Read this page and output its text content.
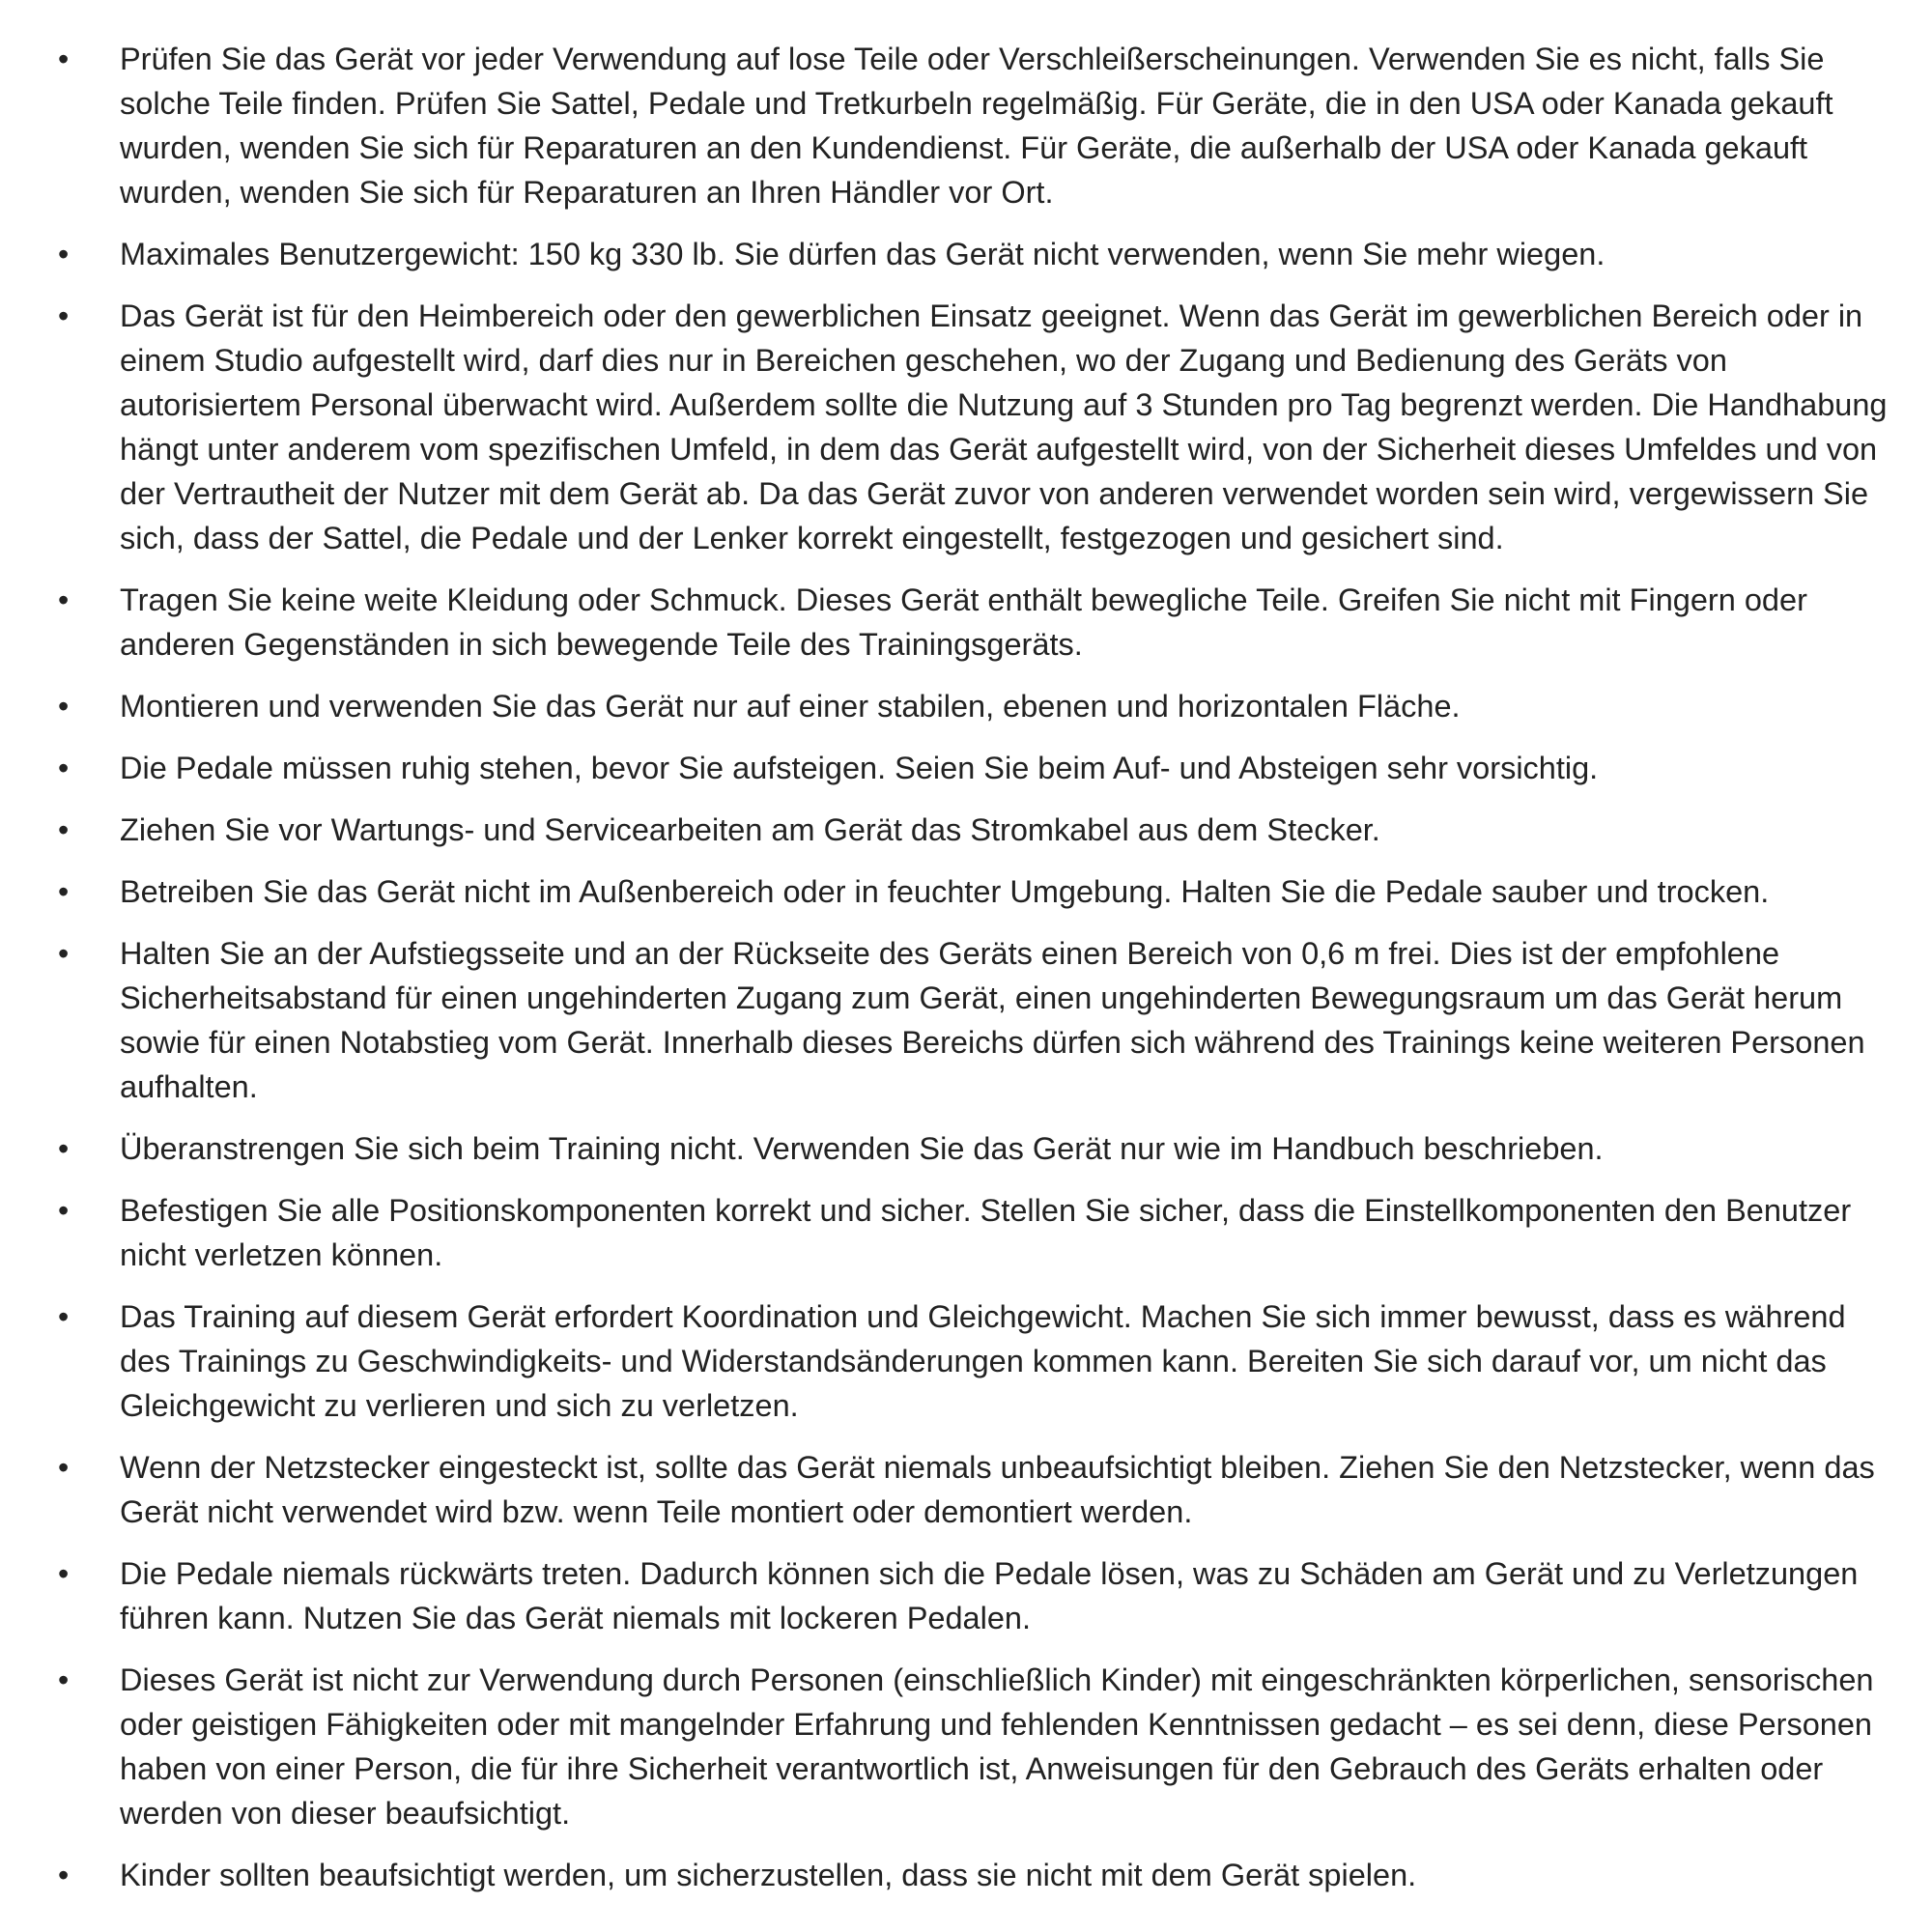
•	Prüfen Sie das Gerät vor jeder Verwendung auf lose Teile oder Verschleißerscheinungen. Verwenden Sie es nicht, falls Sie solche Teile finden. Prüfen Sie Sattel, Pedale und Tretkurbeln regelmäßig. Für Geräte, die in den USA oder Kanada gekauft wurden, wenden Sie sich für Reparaturen an den Kundendienst. Für Geräte, die außerhalb der USA oder Kanada gekauft wurden, wenden Sie sich für Reparaturen an Ihren Händler vor Ort.
•	Maximales Benutzergewicht: 150 kg 330 lb. Sie dürfen das Gerät nicht verwenden, wenn Sie mehr wiegen.
•	Das Gerät ist für den Heimbereich oder den gewerblichen Einsatz geeignet. Wenn das Gerät im gewerblichen Bereich oder in einem Studio aufgestellt wird, darf dies nur in Bereichen geschehen, wo der Zugang und Bedienung des Geräts von autorisiertem Personal überwacht wird. Außerdem sollte die Nutzung auf 3 Stunden pro Tag begrenzt werden. Die Handhabung hängt unter anderem vom spezifischen Umfeld, in dem das Gerät aufgestellt wird, von der Sicherheit dieses Umfeldes und von der Vertrautheit der Nutzer mit dem Gerät ab. Da das Gerät zuvor von anderen verwendet worden sein wird, vergewissern Sie sich, dass der Sattel, die Pedale und der Lenker korrekt eingestellt, festgezogen und gesichert sind.
•	Tragen Sie keine weite Kleidung oder Schmuck. Dieses Gerät enthält bewegliche Teile. Greifen Sie nicht mit Fingern oder anderen Gegenständen in sich bewegende Teile des Trainingsgeräts.
•	Montieren und verwenden Sie das Gerät nur auf einer stabilen, ebenen und horizontalen Fläche.
•	Die Pedale müssen ruhig stehen, bevor Sie aufsteigen. Seien Sie beim Auf- und Absteigen sehr vorsichtig.
•	Ziehen Sie vor Wartungs- und Servicearbeiten am Gerät das Stromkabel aus dem Stecker.
•	Betreiben Sie das Gerät nicht im Außenbereich oder in feuchter Umgebung. Halten Sie die Pedale sauber und trocken.
•	Halten Sie an der Aufstiegsseite und an der Rückseite des Geräts einen Bereich von 0,6 m frei. Dies ist der empfohlene Sicherheitsabstand für einen ungehinderten Zugang zum Gerät, einen ungehinderten Bewegungsraum um das Gerät herum sowie für einen Notabstieg vom Gerät. Innerhalb dieses Bereichs dürfen sich während des Trainings keine weiteren Personen aufhalten.
•	Überanstrengen Sie sich beim Training nicht. Verwenden Sie das Gerät nur wie im Handbuch beschrieben.
•	Befestigen Sie alle Positionskomponenten korrekt und sicher. Stellen Sie sicher, dass die Einstellkomponenten den Benutzer nicht verletzen können.
•	Das Training auf diesem Gerät erfordert Koordination und Gleichgewicht. Machen Sie sich immer bewusst, dass es während des Trainings zu Geschwindigkeits- und Widerstandsänderungen kommen kann. Bereiten Sie sich darauf vor, um nicht das Gleichgewicht zu verlieren und sich zu verletzen.
•	Wenn der Netzstecker eingesteckt ist, sollte das Gerät niemals unbeaufsichtigt bleiben. Ziehen Sie den Netzstecker, wenn das Gerät nicht verwendet wird bzw. wenn Teile montiert oder demontiert werden.
•	Die Pedale niemals rückwärts treten. Dadurch können sich die Pedale lösen, was zu Schäden am Gerät und zu Verletzungen führen kann. Nutzen Sie das Gerät niemals mit lockeren Pedalen.
•	Dieses Gerät ist nicht zur Verwendung durch Personen (einschließlich Kinder) mit eingeschränkten körperlichen, sensorischen oder geistigen Fähigkeiten oder mit mangelnder Erfahrung und fehlenden Kenntnissen gedacht – es sei denn, diese Personen haben von einer Person, die für ihre Sicherheit verantwortlich ist, Anweisungen für den Gebrauch des Geräts erhalten oder werden von dieser beaufsichtigt.
•	Kinder sollten beaufsichtigt werden, um sicherzustellen, dass sie nicht mit dem Gerät spielen.
